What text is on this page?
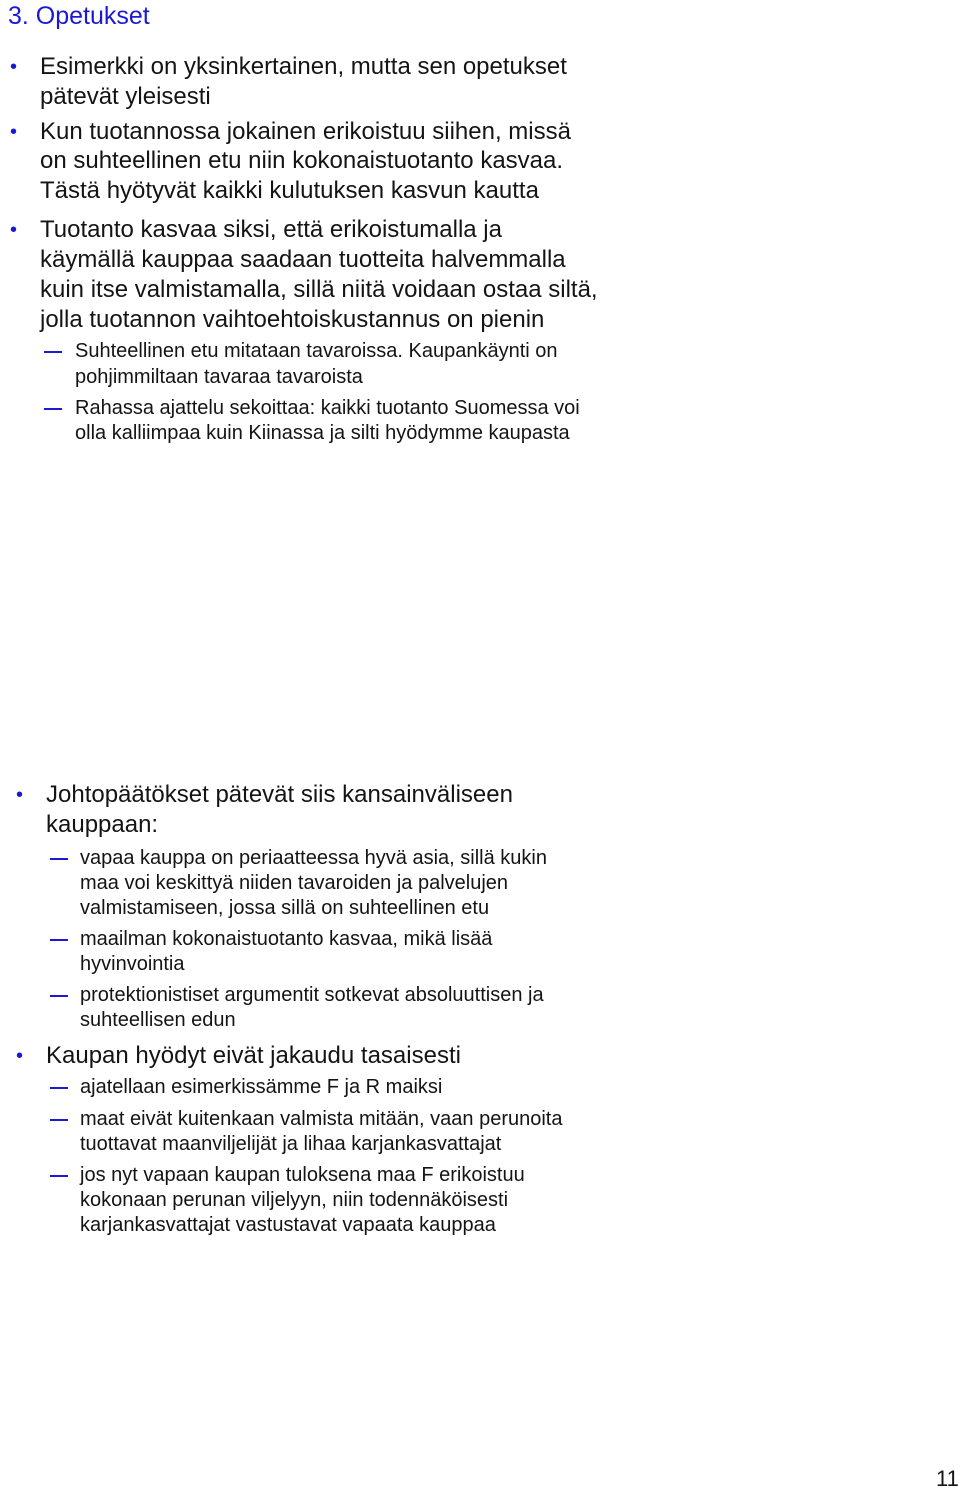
3. Opetukset
• Esimerkki on yksinkertainen, mutta sen opetukset
pätevät yleisesti
• Kun tuotannossa jokainen erikoistuu siihen, missä
on suhteellinen etu niin kokonaistuotanto kasvaa.
Tästä hyötyvät kaikki kulutuksen kasvun kautta
• Tuotanto kasvaa siksi, että erikoistumalla ja
käymällä kauppaa saadaan tuotteita halvemmalla
kuin itse valmistamalla, sillä niitä voidaan ostaa siltä,
jolla tuotannon vaihtoehtoiskustannus on pienin
Suhteellinen etu mitataan tavaroissa. Kaupankäynti on
pohjimmiltaan tavaraa tavaroista
Rahassa ajattelu sekoittaa: kaikki tuotanto Suomessa voi
olla kalliimpaa kuin Kiinassa ja silti hyödymme kaupasta
• Johtopäätökset pätevät siis kansainväliseen
kauppaan:
vapaa kauppa on periaatteessa hyvä asia, sillä kukin
maa voi keskittyä niiden tavaroiden ja palvelujen
valmistamiseen, jossa sillä on suhteellinen etu
maailman kokonaistuotanto kasvaa, mikä lisää
hyvinvointia
protektionistiset argumentit sotkevat absoluuttisen ja
suhteellisen edun
• Kaupan hyödyt eivät jakaudu tasaisesti
ajatellaan esimerkissämme F ja R maiksi
maat eivät kuitenkaan valmista mitään, vaan perunoita
tuottavat maanviljelijät ja lihaa karjankasvattajat
jos nyt vapaan kaupan tuloksena maa F erikoistuu
kokonaan perunan viljelyyn, niin todennäköisesti
karjankasvattajat vastustavat vapaata kauppaa
11
